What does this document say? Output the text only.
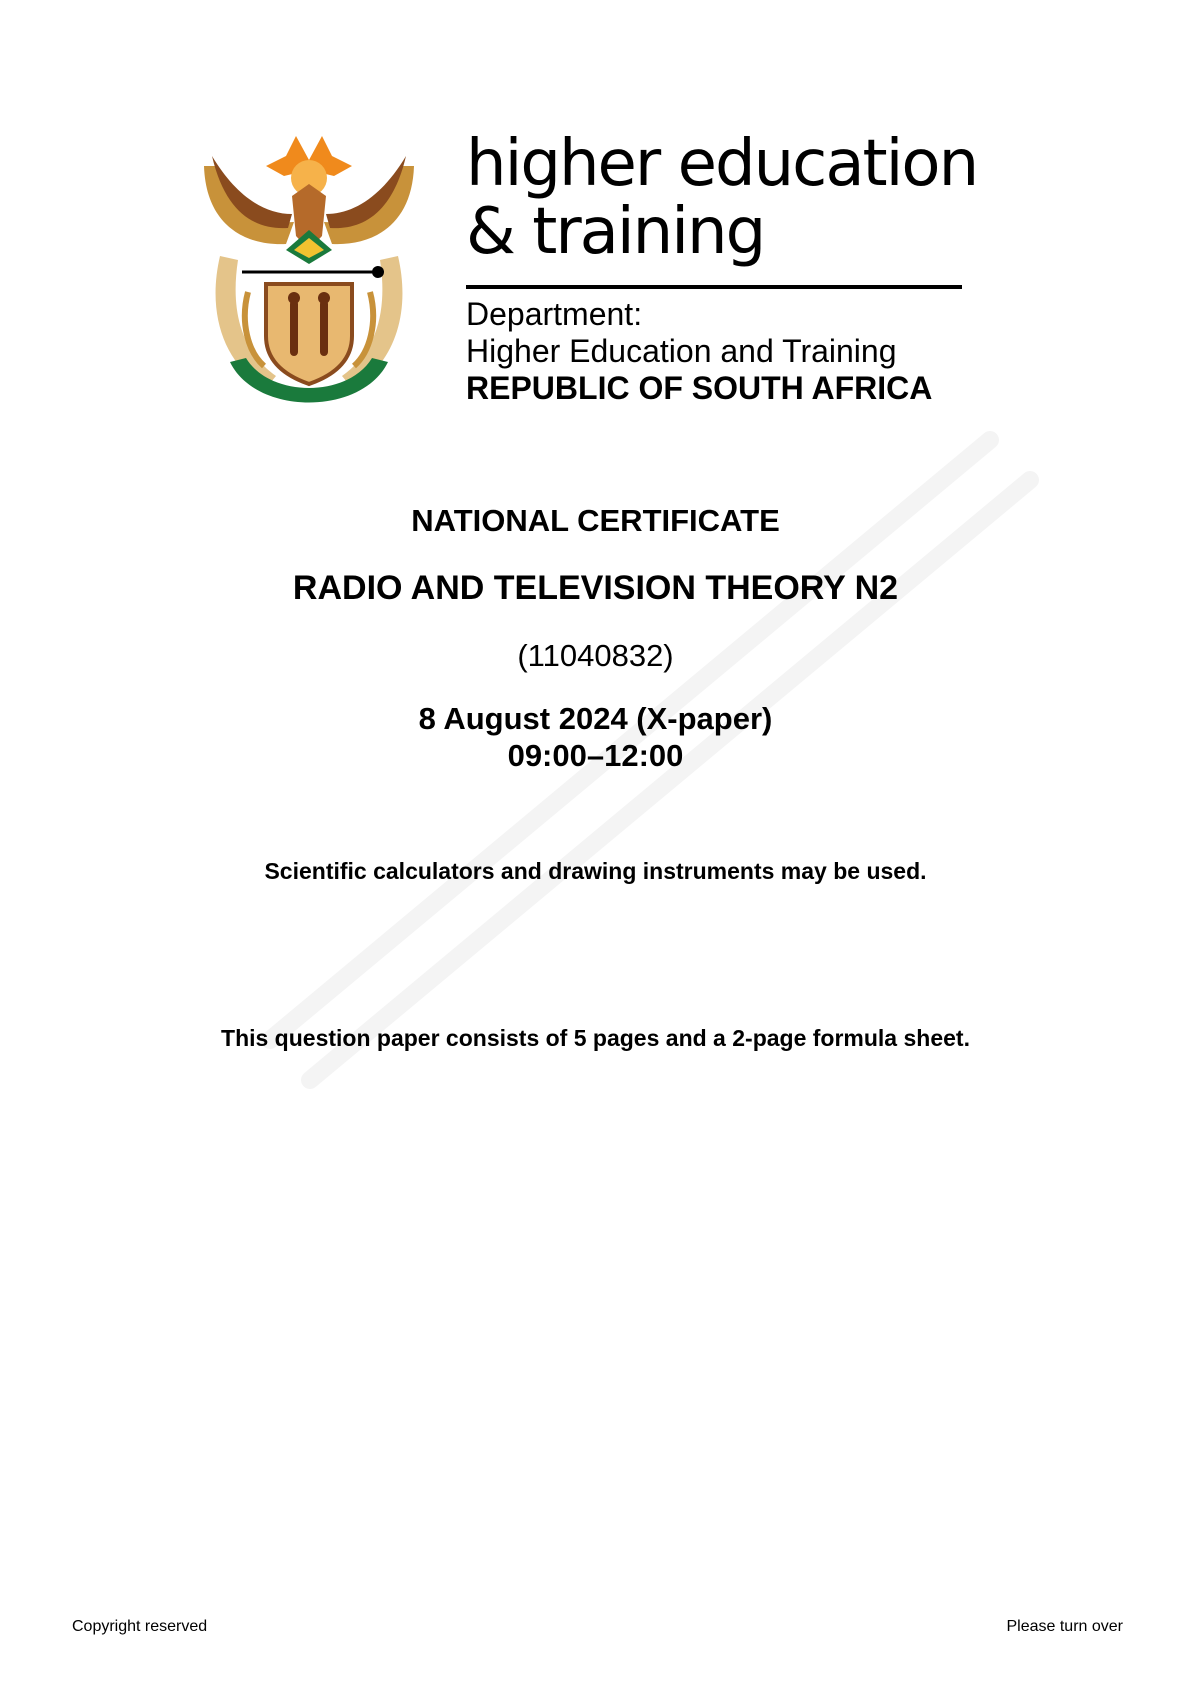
higher education
& training
Department:
Higher Education and Training
REPUBLIC OF SOUTH AFRICA
NATIONAL CERTIFICATE
RADIO AND TELEVISION THEORY N2
(11040832)
8 August 2024 (X-paper)
09:00–12:00
Scientific calculators and drawing instruments may be used.
This question paper consists of 5 pages and a 2-page formula sheet.
Copyright reserved	Please turn over
